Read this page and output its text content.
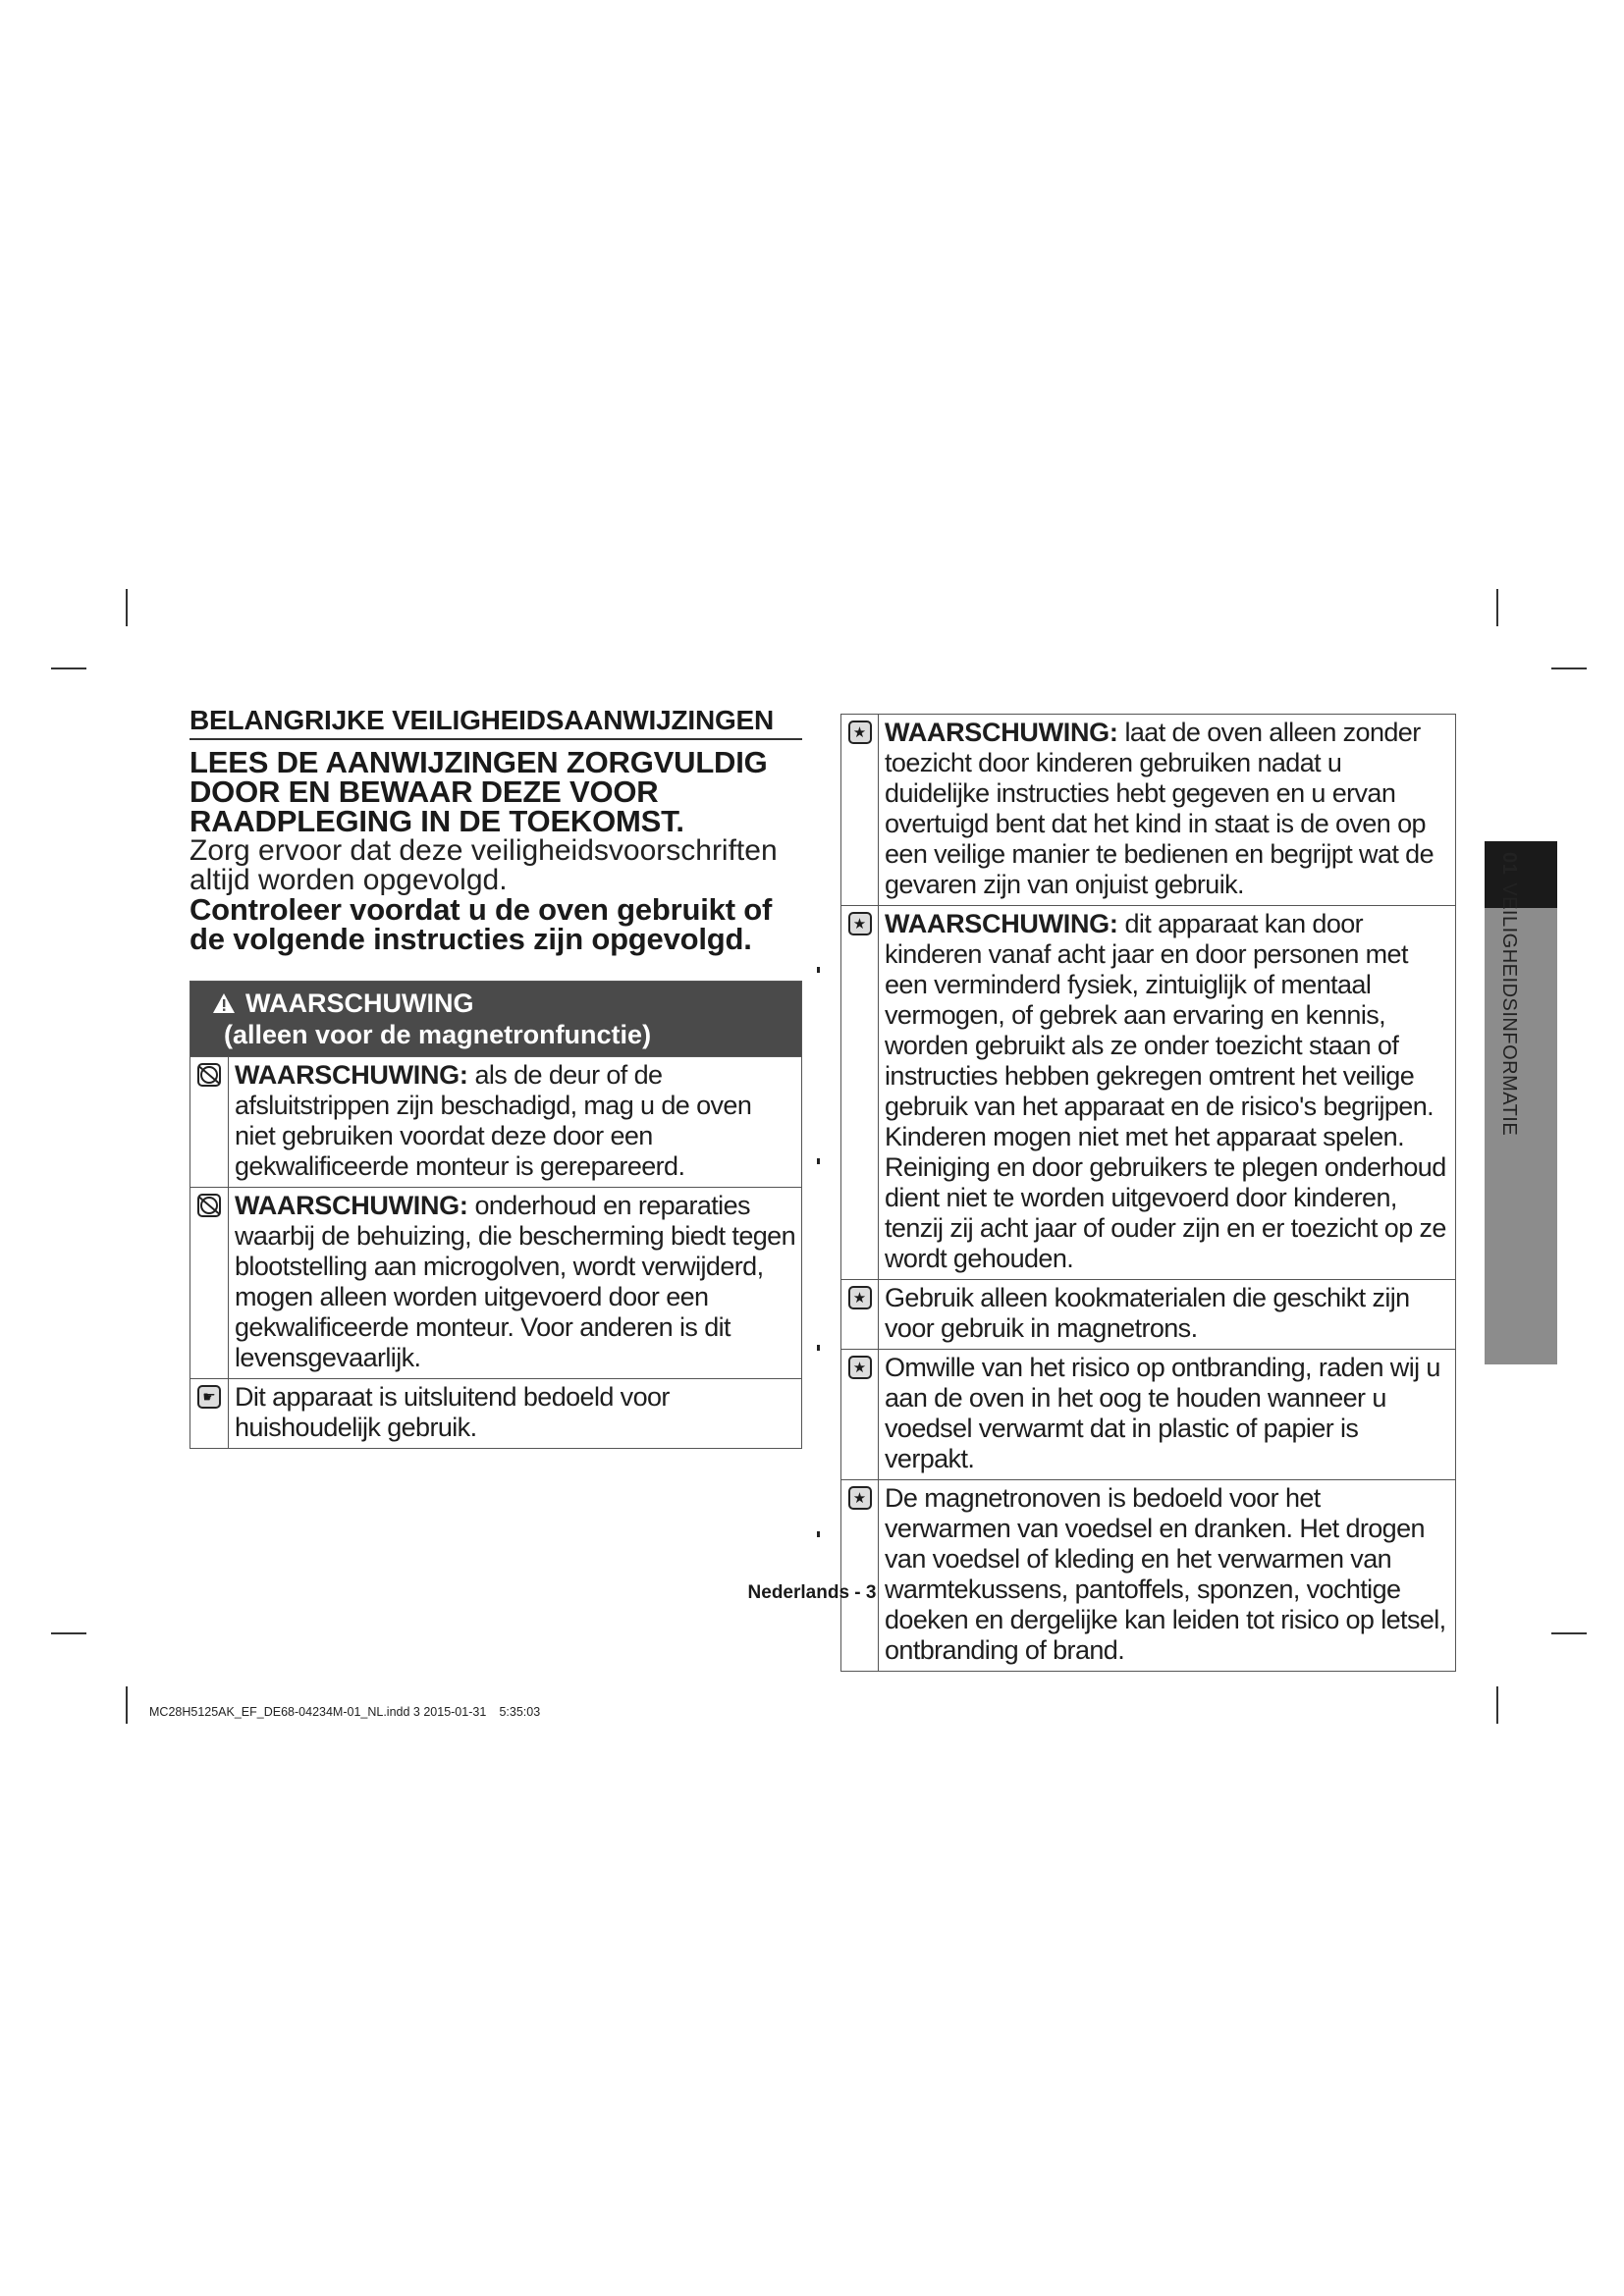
BELANGRIJKE VEILIGHEIDSAANWIJZINGEN
LEES DE AANWIJZINGEN ZORGVULDIG DOOR EN BEWAAR DEZE VOOR RAADPLEGING IN DE TOEKOMST.
Zorg ervoor dat deze veiligheidsvoorschriften altijd worden opgevolgd.
Controleer voordat u de oven gebruikt of de volgende instructies zijn opgevolgd.
WAARSCHUWING
(alleen voor de magnetronfunctie)
WAARSCHUWING: als de deur of de afsluitstrippen zijn beschadigd, mag u de oven niet gebruiken voordat deze door een gekwalificeerde monteur is gerepareerd.
WAARSCHUWING: onderhoud en reparaties waarbij de behuizing, die bescherming biedt tegen blootstelling aan microgolven, wordt verwijderd, mogen alleen worden uitgevoerd door een gekwalificeerde monteur. Voor anderen is dit levensgevaarlijk.
☛ Dit apparaat is uitsluitend bedoeld voor huishoudelijk gebruik.
★ WAARSCHUWING: laat de oven alleen zonder toezicht door kinderen gebruiken nadat u duidelijke instructies hebt gegeven en u ervan overtuigd bent dat het kind in staat is de oven op een veilige manier te bedienen en begrijpt wat de gevaren zijn van onjuist gebruik.
★ WAARSCHUWING: dit apparaat kan door kinderen vanaf acht jaar en door personen met een verminderd fysiek, zintuiglijk of mentaal vermogen, of gebrek aan ervaring en kennis, worden gebruikt als ze onder toezicht staan of instructies hebben gekregen omtrent het veilige gebruik van het apparaat en de risico's begrijpen. Kinderen mogen niet met het apparaat spelen. Reiniging en door gebruikers te plegen onderhoud dient niet te worden uitgevoerd door kinderen, tenzij zij acht jaar of ouder zijn en er toezicht op ze wordt gehouden.
★ Gebruik alleen kookmaterialen die geschikt zijn voor gebruik in magnetrons.
★ Omwille van het risico op ontbranding, raden wij u aan de oven in het oog te houden wanneer u voedsel verwarmt dat in plastic of papier is verpakt.
★ De magnetronoven is bedoeld voor het verwarmen van voedsel en dranken. Het drogen van voedsel of kleding en het verwarmen van warmtekussens, pantoffels, sponzen, vochtige doeken en dergelijke kan leiden tot risico op letsel, ontbranding of brand.
01VEILIGHEIDSINFORMATIE
Nederlands - 3
MC28H5125AK_EF_DE68-04234M-01_NL.indd 3 2015-01-31   5:35:03
